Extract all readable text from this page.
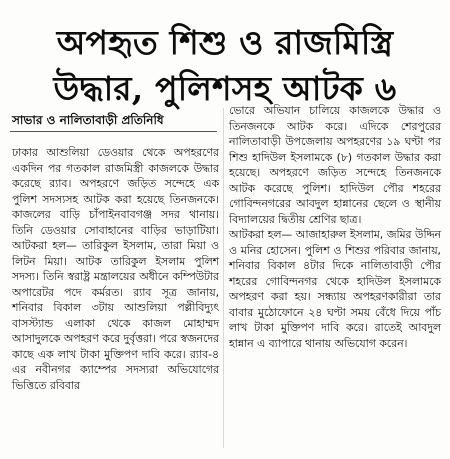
অপহৃত শিশু ও রাজমিস্ত্রি
উদ্ধার, পুলিশসহ আটক ৬
সাভার ও নালিতাবাড়ী প্রতিনিধি

ঢাকার আশুলিয়া ডেওয়ার থেকে অপহরণের একদিন পর গতকাল রাজমিস্ত্রী কাজলকে উদ্ধার করেছে র‌্যাব। অপহরণে জড়িত সন্দেহে এক পুলিশ সদস্যসহ আটক করা হয়েছে তিনজনকে। কাজলের বাড়ি চাঁপাইনবাবগঞ্জ সদর থানায়। তিনি ডেওয়ার সোবাহানের বাড়ির ভাড়াটিয়া। আটকরা হল— তারিকুল ইসলাম, তারা মিয়া ও লিটন মিয়া। আটক তারিকুল ইসলাম পুলিশ সদস্য। তিনি স্বরাষ্ট্র মন্ত্রালয়ের অধীনে কম্পিউটার অপারেটর পদে কর্মরত। র‌্যাব সূত্র জানায়, শনিবার বিকাল ৩টায় আশুলিয়া পল্লীবিদ্যুৎ বাসস্ট্যান্ড এলাকা থেকে কাজল মোহাম্মদ আসাদুলকে অপহরণ করে দুর্বৃত্তরা। পরে স্বজনদের কাছে এক লাখ টাকা মুক্তিপণ দাবি করে। র‌্যাব-৪ এর নবীনগর ক্যাম্পের সদস্যরা অভিযোগের ভিত্তিতে রবিবার

ভোরে অভিযান চালিয়ে কাজলকে উদ্ধার ও তিনজনকে আটক করে। এদিকে শেরপুরের নালিতাবাড়ী উপজেলায় অপহরণের ১৯ ঘণ্টা পর শিশু হাদিউল ইসলামকে (৮) গতকাল উদ্ধার করা হয়েছে। অপহরণে জড়িত সন্দেহে তিনজনকে আটক করেছে পুলিশ। হাদিউল পৌর শহরের গোবিন্দনগরের আবদুল হান্নানের ছেলে ও স্থানীয় বিদ্যালয়ের দ্বিতীয় শ্রেণির ছাত্র।

আটকরা হল— আজাহারুল ইসলাম, জমির উদ্দিন ও মনির হোসেন। পুলিশ ও শিশুর পরিবার জানায়, শনিবার বিকাল ৪টার দিকে নালিতাবাড়ী পৌর শহরের গোবিন্দনগর থেকে হাদিউল ইসলামকে অপহরণ করা হয়। সন্ধ্যায় অপহরণকারীরা তার বাবার মুঠোফোনে ২৪ ঘণ্টা সময় বেঁধে দিয়ে পাঁচ লাখ টাকা মুক্তিপণ দাবি করে। রাতেই আবদুল হান্নান এ ব্যাপারে থানায় অভিযোগ করেন।
